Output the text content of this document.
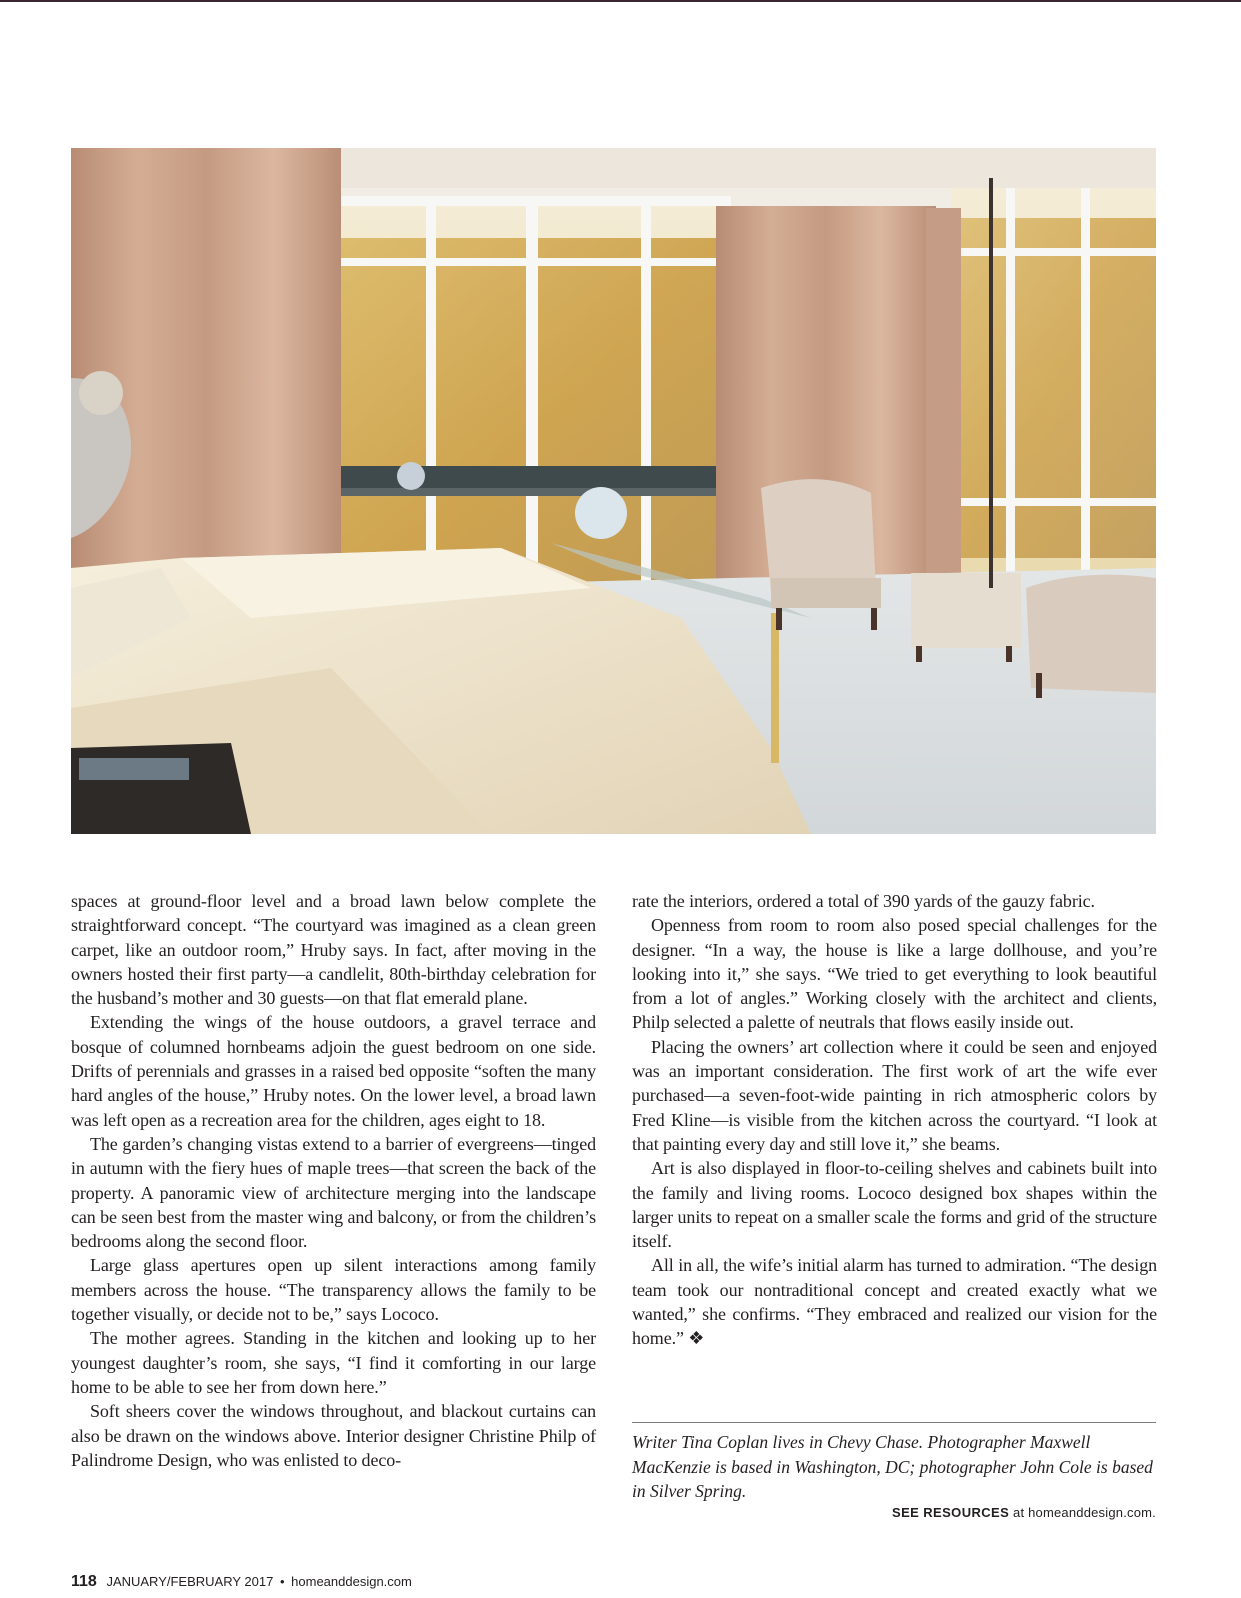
spaces at ground-floor level and a broad lawn below complete the straightforward concept. “The courtyard was imagined as a clean green carpet, like an outdoor room,” Hruby says. In fact, after moving in the owners hosted their first party—a candlelit, 80th-birthday celebration for the husband’s mother and 30 guests—on that flat emerald plane.

Extending the wings of the house outdoors, a gravel terrace and bosque of columned hornbeams adjoin the guest bedroom on one side. Drifts of perennials and grasses in a raised bed opposite “soften the many hard angles of the house,” Hruby notes. On the lower level, a broad lawn was left open as a recreation area for the children, ages eight to 18.

The garden’s changing vistas extend to a barrier of evergreens—tinged in autumn with the fiery hues of maple trees—that screen the back of the property. A panoramic view of architecture merging into the landscape can be seen best from the master wing and balcony, or from the children’s bedrooms along the second floor.

Large glass apertures open up silent interactions among family members across the house. “The transparency allows the family to be together visually, or decide not to be,” says Lococo.

The mother agrees. Standing in the kitchen and looking up to her youngest daughter’s room, she says, “I find it comforting in our large home to be able to see her from down here.”

Soft sheers cover the windows throughout, and blackout curtains can also be drawn on the windows above. Interior designer Christine Philp of Palindrome Design, who was enlisted to deco-

rate the interiors, ordered a total of 390 yards of the gauzy fabric.

Openness from room to room also posed special challenges for the designer. “In a way, the house is like a large dollhouse, and you’re looking into it,” she says. “We tried to get everything to look beautiful from a lot of angles.” Working closely with the architect and clients, Philp selected a palette of neutrals that flows easily inside out.

Placing the owners’ art collection where it could be seen and enjoyed was an important consideration. The first work of art the wife ever purchased—a seven-foot-wide painting in rich atmospheric colors by Fred Kline—is visible from the kitchen across the courtyard. “I look at that painting every day and still love it,” she beams.

Art is also displayed in floor-to-ceiling shelves and cabinets built into the family and living rooms. Lococo designed box shapes within the larger units to repeat on a smaller scale the forms and grid of the structure itself.

All in all, the wife’s initial alarm has turned to admiration. “The design team took our nontraditional concept and created exactly what we wanted,” she confirms. “They embraced and realized our vision for the home.” ❖

Writer Tina Coplan lives in Chevy Chase. Photographer Maxwell MacKenzie is based in Washington, DC; photographer John Cole is based in Silver Spring.
SEE RESOURCES at homeanddesign.com.
118 JANUARY/FEBRUARY 2017 • homeanddesign.com
